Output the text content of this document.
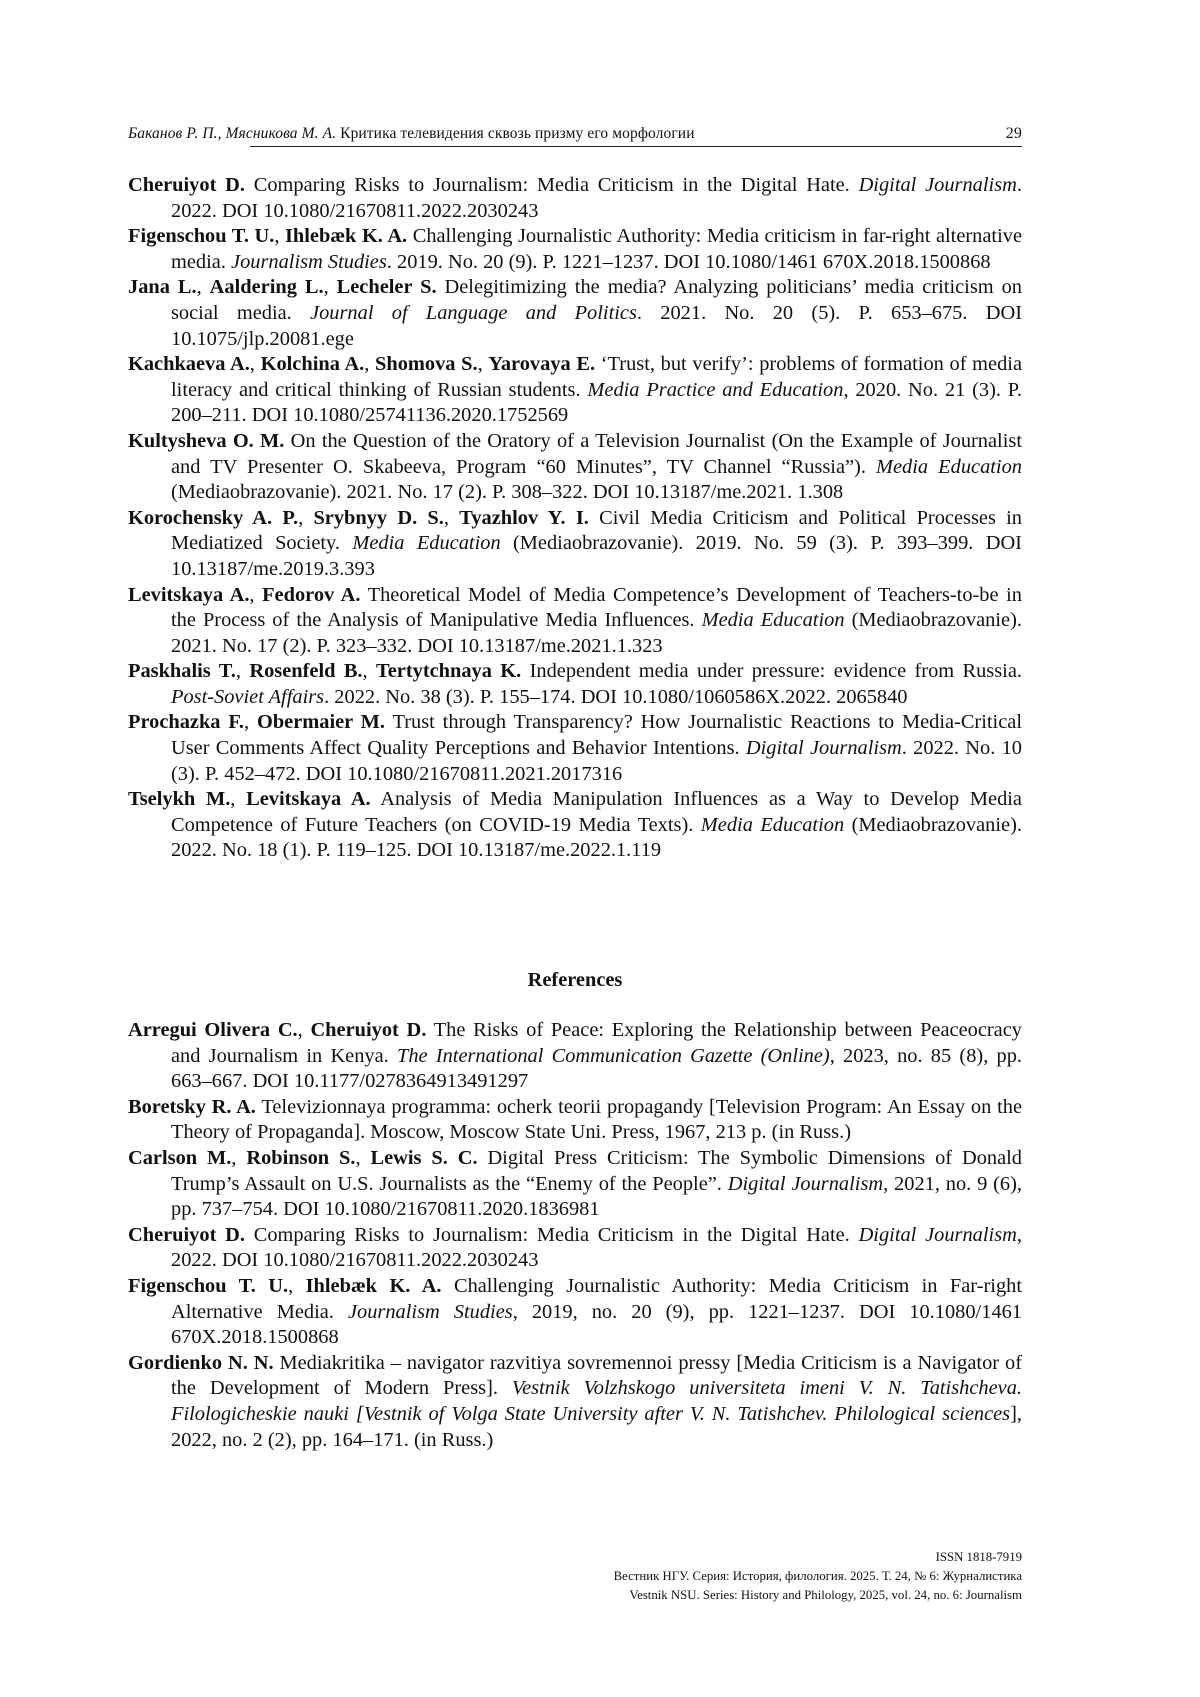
Баканов Р. П., Мясникова М. А. Критика телевидения сквозь призму его морфологии	29

Cheruiyot D. Comparing Risks to Journalism: Media Criticism in the Digital Hate. Digital Journalism. 2022. DOI 10.1080/21670811.2022.2030243

Figenschou T. U., Ihlebæk K. A. Challenging Journalistic Authority: Media criticism in far-right alternative media. Journalism Studies. 2019. No. 20 (9). P. 1221–1237. DOI 10.1080/1461 670X.2018.1500868

Jana L., Aaldering L., Lecheler S. Delegitimizing the media? Analyzing politicians’ media criticism on social media. Journal of Language and Politics. 2021. No. 20 (5). P. 653–675. DOI 10.1075/jlp.20081.ege

Kachkaeva A., Kolchina A., Shomova S., Yarovaya E. ‘Trust, but verify’: problems of formation of media literacy and critical thinking of Russian students. Media Practice and Education, 2020. No. 21 (3). P. 200–211. DOI 10.1080/25741136.2020.1752569

Kultysheva O. M. On the Question of the Oratory of a Television Journalist (On the Example of Journalist and TV Presenter O. Skabeeva, Program “60 Minutes”, TV Channel “Russia”). Media Education (Mediaobrazovanie). 2021. No. 17 (2). P. 308–322. DOI 10.13187/me.2021. 1.308

Korochensky A. P., Srybnyy D. S., Tyazhlov Y. I. Civil Media Criticism and Political Processes in Mediatized Society. Media Education (Mediaobrazovanie). 2019. No. 59 (3). P. 393–399. DOI 10.13187/me.2019.3.393

Levitskaya A., Fedorov A. Theoretical Model of Media Competence’s Development of Teachers-to-be in the Process of the Analysis of Manipulative Media Influences. Media Education (Mediaobrazovanie). 2021. No. 17 (2). P. 323–332. DOI 10.13187/me.2021.1.323

Paskhalis T., Rosenfeld B., Tertytchnaya K. Independent media under pressure: evidence from Russia. Post-Soviet Affairs. 2022. No. 38 (3). P. 155–174. DOI 10.1080/1060586X.2022. 2065840

Prochazka F., Obermaier M. Trust through Transparency? How Journalistic Reactions to Media-Critical User Comments Affect Quality Perceptions and Behavior Intentions. Digital Journalism. 2022. No. 10 (3). P. 452–472. DOI 10.1080/21670811.2021.2017316

Tselykh M., Levitskaya A. Analysis of Media Manipulation Influences as a Way to Develop Media Competence of Future Teachers (on COVID-19 Media Texts). Media Education (Mediaobrazovanie). 2022. No. 18 (1). P. 119–125. DOI 10.13187/me.2022.1.119

References

Arregui Olivera C., Cheruiyot D. The Risks of Peace: Exploring the Relationship between Peaceocracy and Journalism in Kenya. The International Communication Gazette (Online), 2023, no. 85 (8), pp. 663–667. DOI 10.1177/0278364913491297

Boretsky R. A. Televizionnaya programma: ocherk teorii propagandy [Television Program: An Essay on the Theory of Propaganda]. Moscow, Moscow State Uni. Press, 1967, 213 p. (in Russ.)

Carlson M., Robinson S., Lewis S. C. Digital Press Criticism: The Symbolic Dimensions of Donald Trump’s Assault on U.S. Journalists as the “Enemy of the People”. Digital Journalism, 2021, no. 9 (6), pp. 737–754. DOI 10.1080/21670811.2020.1836981

Cheruiyot D. Comparing Risks to Journalism: Media Criticism in the Digital Hate. Digital Journalism, 2022. DOI 10.1080/21670811.2022.2030243

Figenschou T. U., Ihlebæk K. A. Challenging Journalistic Authority: Media Criticism in Far-right Alternative Media. Journalism Studies, 2019, no. 20 (9), pp. 1221–1237. DOI 10.1080/1461 670X.2018.1500868

Gordienko N. N. Mediakritika – navigator razvitiya sovremennoi pressy [Media Criticism is a Navigator of the Development of Modern Press]. Vestnik Volzhskogo universiteta imeni V. N. Tatishcheva. Filologicheskie nauki [Vestnik of Volga State University after V. N. Tatishchev. Philological sciences], 2022, no. 2 (2), pp. 164–171. (in Russ.)

ISSN 1818-7919
Вестник НГУ. Серия: История, филология. 2025. Т. 24, № 6: Журналистика
Vestnik NSU. Series: History and Philology, 2025, vol. 24, no. 6: Journalism
